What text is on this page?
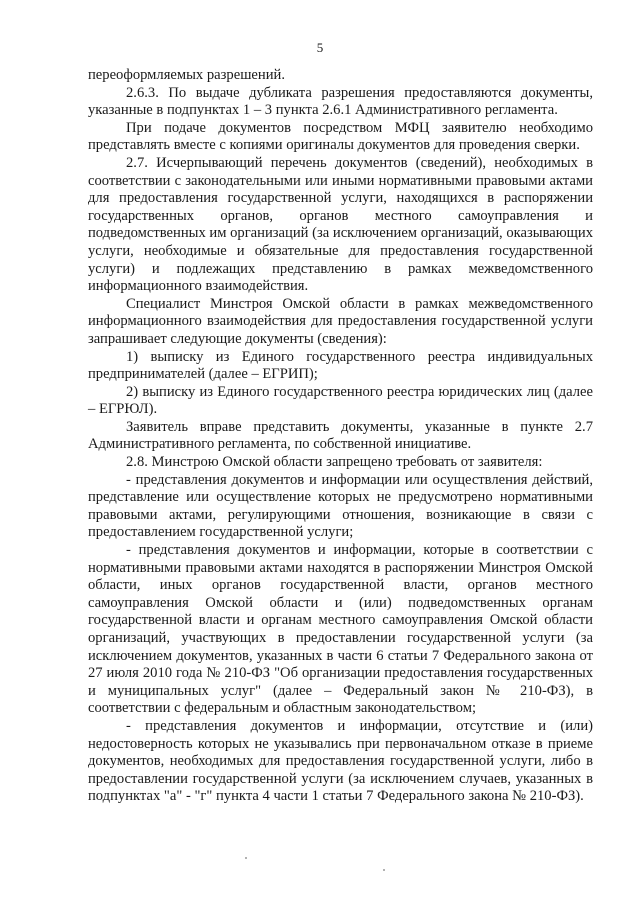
5

переоформляемых разрешений.

2.6.3. По выдаче дубликата разрешения предоставляются документы, указанные в подпунктах 1 – 3 пункта 2.6.1 Административного регламента.

При подаче документов посредством МФЦ заявителю необходимо представлять вместе с копиями оригиналы документов для проведения сверки.

2.7. Исчерпывающий перечень документов (сведений), необходимых в соответствии с законодательными или иными нормативными правовыми актами для предоставления государственной услуги, находящихся в распоряжении государственных органов, органов местного самоуправления и подведомственных им организаций (за исключением организаций, оказывающих услуги, необходимые и обязательные для предоставления государственной услуги) и подлежащих представлению в рамках межведомственного информационного взаимодействия.

Специалист Минстроя Омской области в рамках межведомственного информационного взаимодействия для предоставления государственной услуги запрашивает следующие документы (сведения):

1) выписку из Единого государственного реестра индивидуальных предпринимателей (далее – ЕГРИП);

2) выписку из Единого государственного реестра юридических лиц (далее – ЕГРЮЛ).

Заявитель вправе представить документы, указанные в пункте 2.7 Административного регламента, по собственной инициативе.

2.8. Минстрою Омской области запрещено требовать от заявителя:

- представления документов и информации или осуществления действий, представление или осуществление которых не предусмотрено нормативными правовыми актами, регулирующими отношения, возникающие в связи с предоставлением государственной услуги;

- представления документов и информации, которые в соответствии с нормативными правовыми актами находятся в распоряжении Минстроя Омской области, иных органов государственной власти, органов местного самоуправления Омской области и (или) подведомственных органам государственной власти и органам местного самоуправления Омской области организаций, участвующих в предоставлении государственной услуги (за исключением документов, указанных в части 6 статьи 7 Федерального закона от 27 июля 2010 года № 210-ФЗ "Об организации предоставления государственных и муниципальных услуг" (далее – Федеральный закон № 210-ФЗ), в соответствии с федеральным и областным законодательством;

- представления документов и информации, отсутствие и (или) недостоверность которых не указывались при первоначальном отказе в приеме документов, необходимых для предоставления государственной услуги, либо в предоставлении государственной услуги (за исключением случаев, указанных в подпунктах "а" - "г" пункта 4 части 1 статьи 7 Федерального закона № 210-ФЗ).
